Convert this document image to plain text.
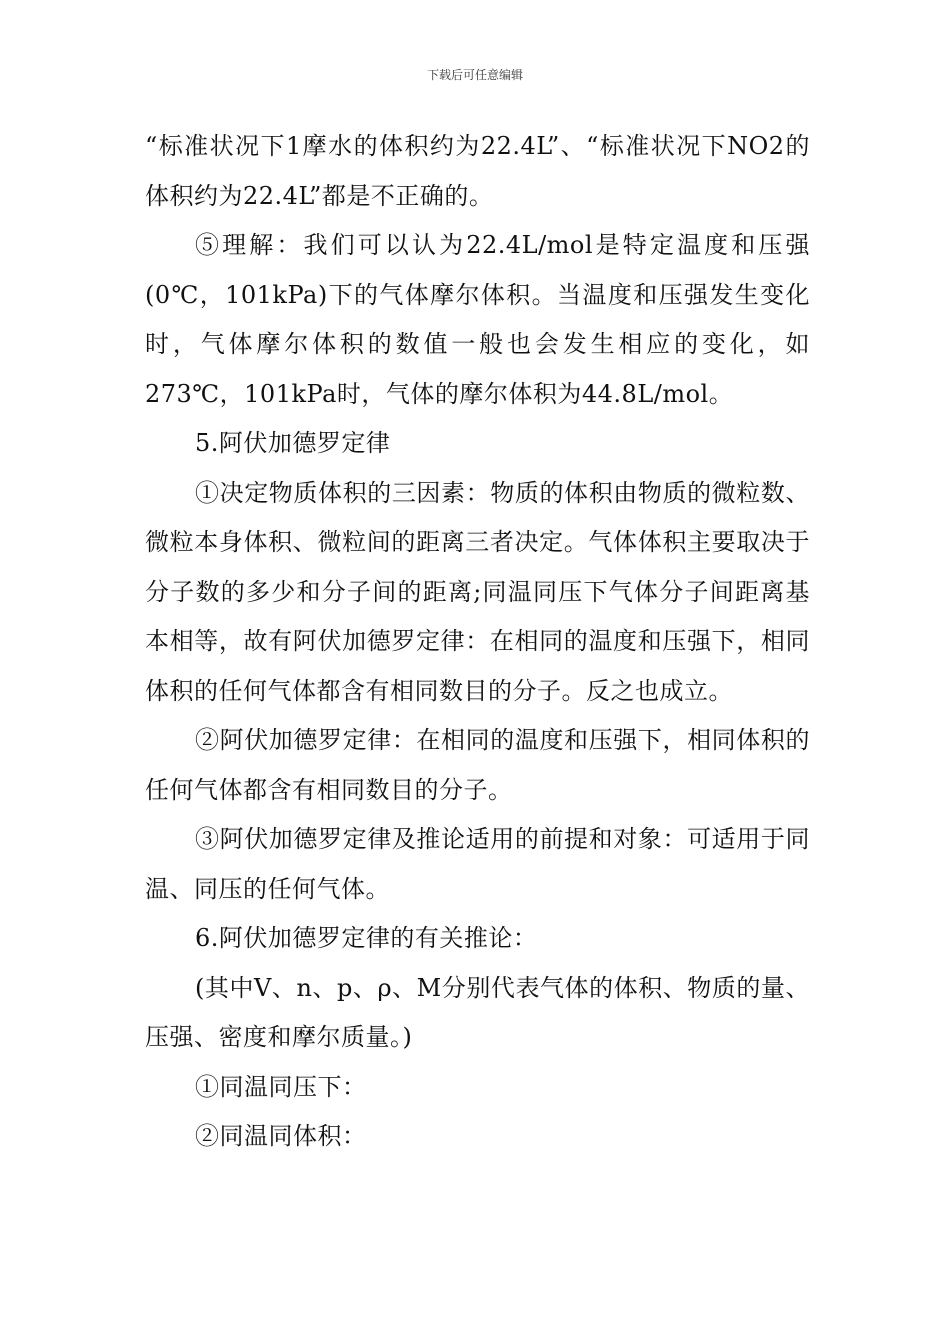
下载后可任意编辑

“标准状况下1摩水的体积约为22.4L”、“标准状况下NO2的体积约为22.4L”都是不正确的。

⑤理解：我们可以认为22.4L/mol是特定温度和压强(0℃，101kPa)下的气体摩尔体积。当温度和压强发生变化时，气体摩尔体积的数值一般也会发生相应的变化，如273℃，101kPa时，气体的摩尔体积为44.8L/mol。

5.阿伏加德罗定律

①决定物质体积的三因素：物质的体积由物质的微粒数、微粒本身体积、微粒间的距离三者决定。气体体积主要取决于分子数的多少和分子间的距离;同温同压下气体分子间距离基本相等，故有阿伏加德罗定律：在相同的温度和压强下，相同体积的任何气体都含有相同数目的分子。反之也成立。

②阿伏加德罗定律：在相同的温度和压强下，相同体积的任何气体都含有相同数目的分子。

③阿伏加德罗定律及推论适用的前提和对象：可适用于同温、同压的任何气体。

6.阿伏加德罗定律的有关推论：

(其中V、n、p、ρ、M分别代表气体的体积、物质的量、压强、密度和摩尔质量。)

①同温同压下：

②同温同体积：
